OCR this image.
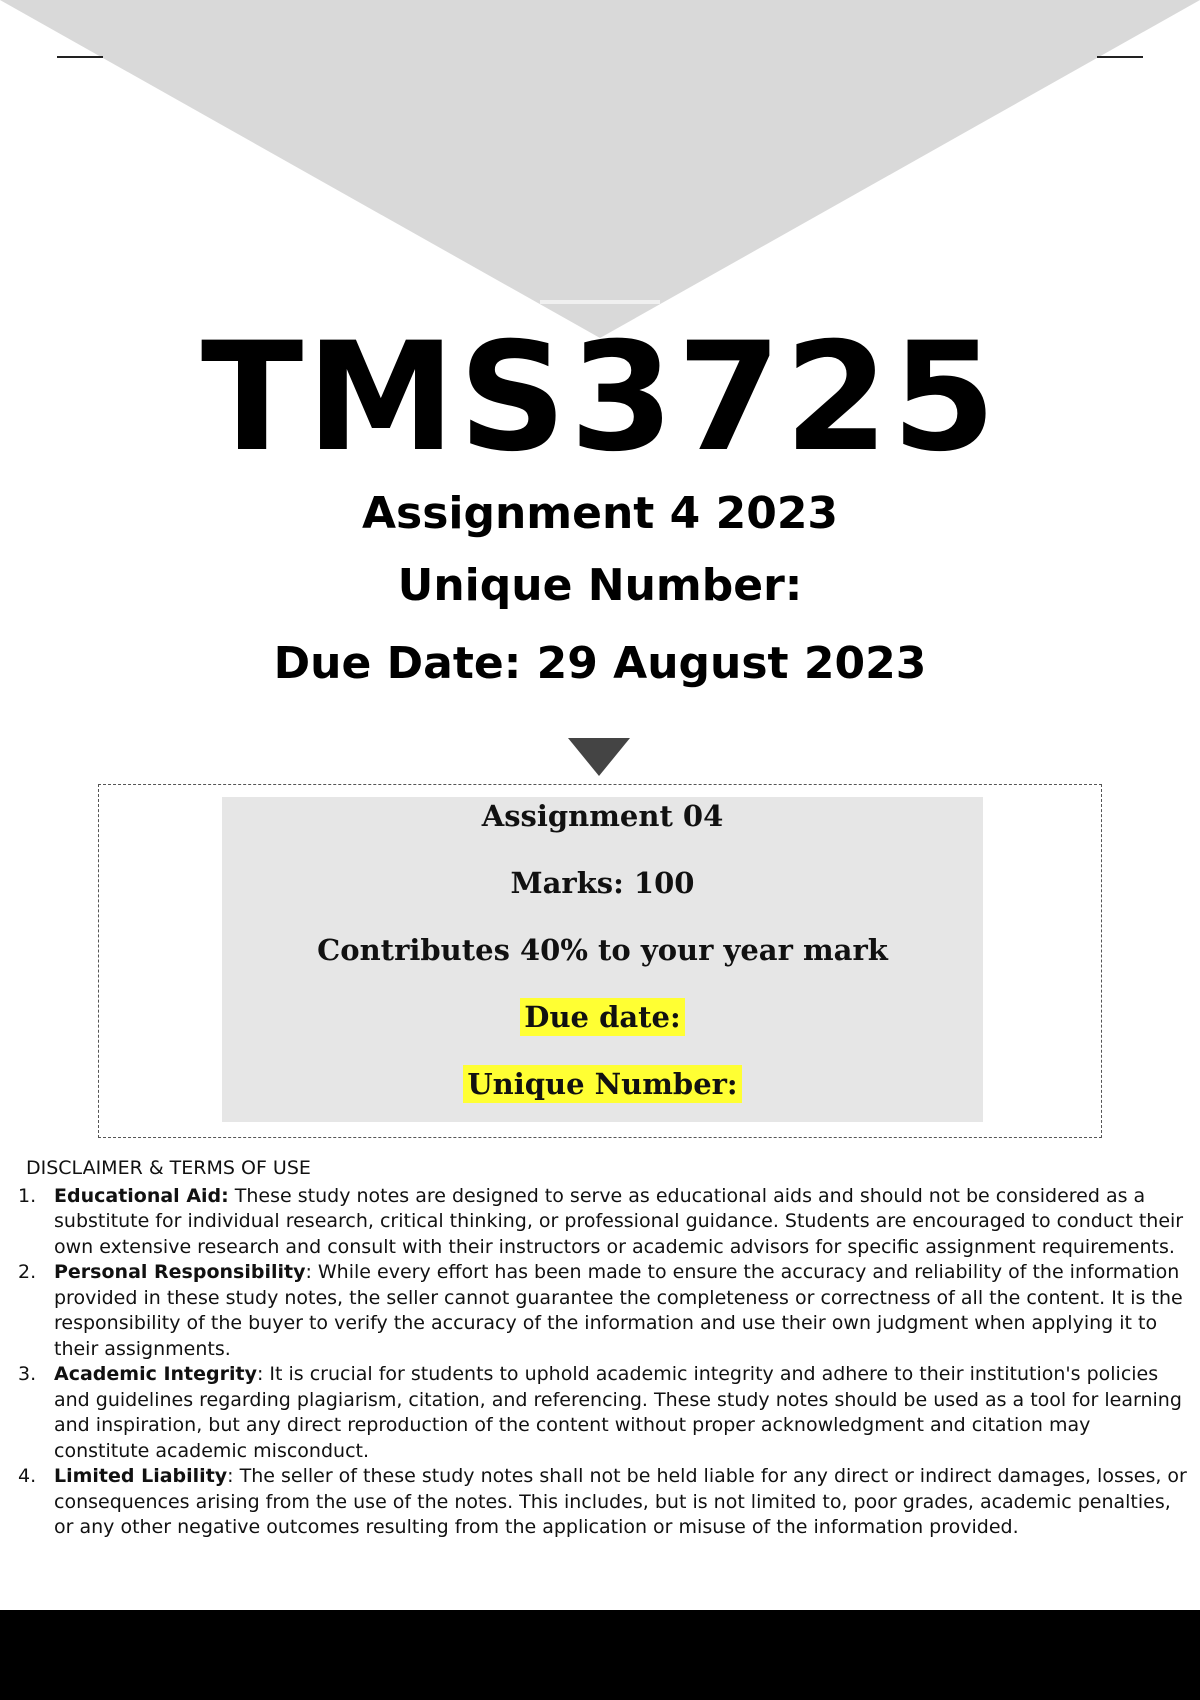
TMS3725
Assignment 4 2023
Unique Number:
Due Date: 29 August 2023
Assignment 04
Marks: 100
Contributes 40% to your year mark
Due date:
Unique Number:
DISCLAIMER & TERMS OF USE
1. Educational Aid: These study notes are designed to serve as educational aids and should not be considered as a substitute for individual research, critical thinking, or professional guidance. Students are encouraged to conduct their own extensive research and consult with their instructors or academic advisors for specific assignment requirements.
2. Personal Responsibility: While every effort has been made to ensure the accuracy and reliability of the information provided in these study notes, the seller cannot guarantee the completeness or correctness of all the content. It is the responsibility of the buyer to verify the accuracy of the information and use their own judgment when applying it to their assignments.
3. Academic Integrity: It is crucial for students to uphold academic integrity and adhere to their institution's policies and guidelines regarding plagiarism, citation, and referencing. These study notes should be used as a tool for learning and inspiration, but any direct reproduction of the content without proper acknowledgment and citation may constitute academic misconduct.
4. Limited Liability: The seller of these study notes shall not be held liable for any direct or indirect damages, losses, or consequences arising from the use of the notes. This includes, but is not limited to, poor grades, academic penalties, or any other negative outcomes resulting from the application or misuse of the information provided.
